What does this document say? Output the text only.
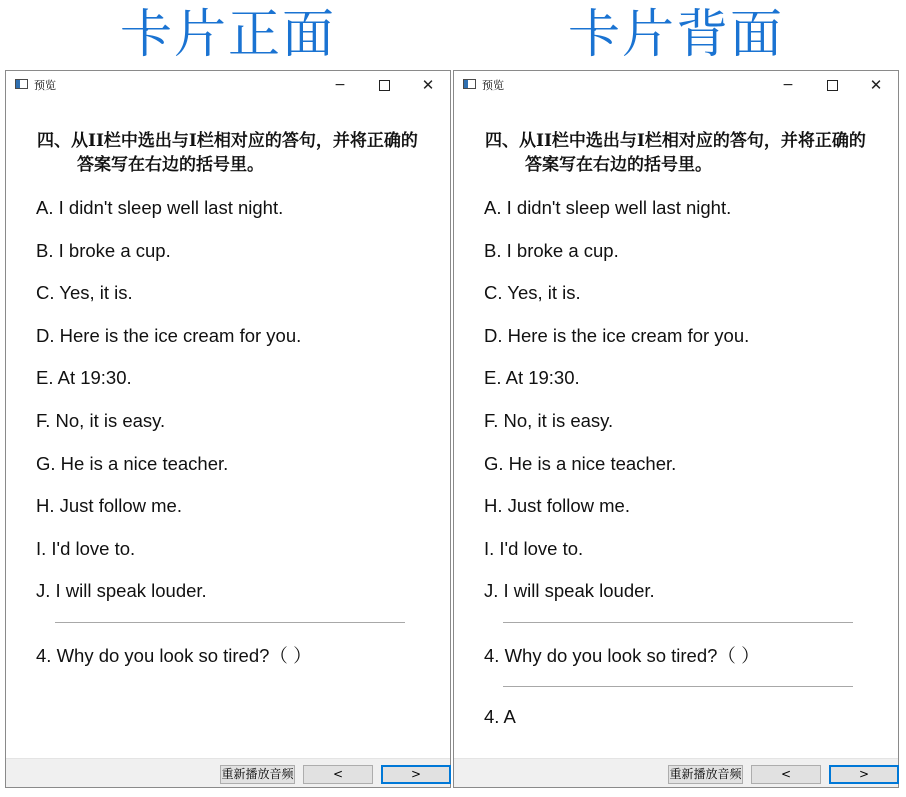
卡片正面	卡片背面
预览	−	✕
四、从II栏中选出与I栏相对应的答句，并将正确的答案写在右边的括号里。
A. I didn't sleep well last night.
B. I broke a cup.
C. Yes, it is.
D. Here is the ice cream for you.
E. At 19:30.
F. No, it is easy.
G. He is a nice teacher.
H. Just follow me.
I. I'd love to.
J. I will speak louder.
4. Why do you look so tired?（ ）
重新播放音频	<	>
预览	−	✕
四、从II栏中选出与I栏相对应的答句，并将正确的答案写在右边的括号里。
A. I didn't sleep well last night.
B. I broke a cup.
C. Yes, it is.
D. Here is the ice cream for you.
E. At 19:30.
F. No, it is easy.
G. He is a nice teacher.
H. Just follow me.
I. I'd love to.
J. I will speak louder.
4. Why do you look so tired?（ ）
4. A
重新播放音频	<	>
